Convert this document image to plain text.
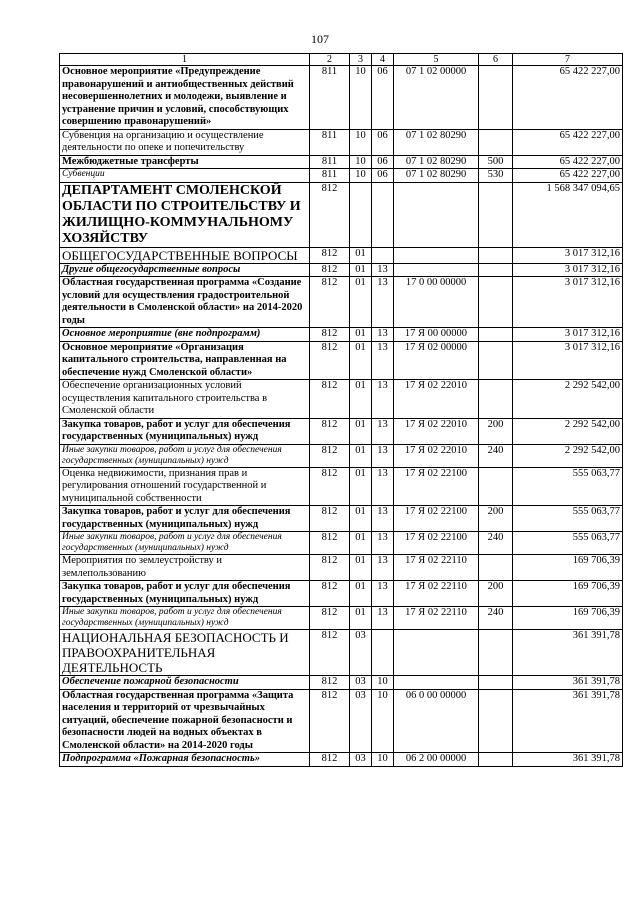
107
1	2	3	4	5	6	7
Основное мероприятие «Предупреждение правонарушений и антиобщественных действий несовершеннолетних и молодежи, выявление и устранение причин и условий, способствующих совершению правонарушений»	811	10	06	07 1 02 00000		65 422 227,00
Субвенция на организацию и осуществление деятельности по опеке и попечительству	811	10	06	07 1 02 80290		65 422 227,00
Межбюджетные трансферты	811	10	06	07 1 02 80290	500	65 422 227,00
Субвенции	811	10	06	07 1 02 80290	530	65 422 227,00
ДЕПАРТАМЕНТ СМОЛЕНСКОЙ ОБЛАСТИ ПО СТРОИТЕЛЬСТВУ И ЖИЛИЩНО-КОММУНАЛЬНОМУ ХОЗЯЙСТВУ	812					1 568 347 094,65
ОБЩЕГОСУДАРСТВЕННЫЕ ВОПРОСЫ	812	01				3 017 312,16
Другие общегосударственные вопросы	812	01	13			3 017 312,16
Областная государственная программа «Создание условий для осуществления градостроительной деятельности в Смоленской области» на 2014-2020 годы	812	01	13	17 0 00 00000		3 017 312,16
Основное мероприятие (вне подпрограмм)	812	01	13	17 Я 00 00000		3 017 312,16
Основное мероприятие «Организация капитального строительства, направленная на обеспечение нужд Смоленской области»	812	01	13	17 Я 02 00000		3 017 312,16
Обеспечение организационных условий осуществления капитального строительства в Смоленской области	812	01	13	17 Я 02 22010		2 292 542,00
Закупка товаров, работ и услуг для обеспечения государственных (муниципальных) нужд	812	01	13	17 Я 02 22010	200	2 292 542,00
Иные закупки товаров, работ и услуг для обеспечения государственных (муниципальных) нужд	812	01	13	17 Я 02 22010	240	2 292 542,00
Оценка недвижимости, признания прав и регулирования отношений государственной и муниципальной собственности	812	01	13	17 Я 02 22100		555 063,77
Закупка товаров, работ и услуг для обеспечения государственных (муниципальных) нужд	812	01	13	17 Я 02 22100	200	555 063,77
Иные закупки товаров, работ и услуг для обеспечения государственных (муниципальных) нужд	812	01	13	17 Я 02 22100	240	555 063,77
Мероприятия по землеустройству и землепользованию	812	01	13	17 Я 02 22110		169 706,39
Закупка товаров, работ и услуг для обеспечения государственных (муниципальных) нужд	812	01	13	17 Я 02 22110	200	169 706,39
Иные закупки товаров, работ и услуг для обеспечения государственных (муниципальных) нужд	812	01	13	17 Я 02 22110	240	169 706,39
НАЦИОНАЛЬНАЯ БЕЗОПАСНОСТЬ И ПРАВООХРАНИТЕЛЬНАЯ ДЕЯТЕЛЬНОСТЬ	812	03				361 391,78
Обеспечение пожарной безопасности	812	03	10			361 391,78
Областная государственная программа «Защита населения и территорий от чрезвычайных ситуаций, обеспечение пожарной безопасности и безопасности людей на водных объектах в Смоленской области» на 2014-2020 годы	812	03	10	06 0 00 00000		361 391,78
Подпрограмма «Пожарная безопасность»	812	03	10	06 2 00 00000		361 391,78
